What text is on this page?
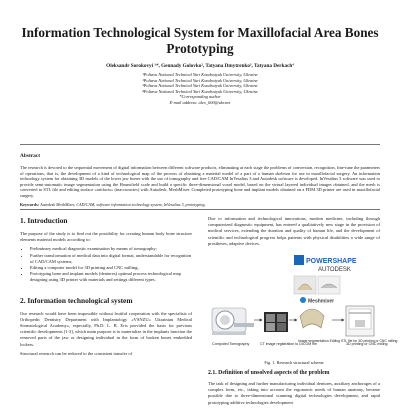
Information Technological System for Maxillofacial Area Bones
Prototyping
Oleksandr Sorokovyi ¹*, Gennady Golovko², Tatyana Dmytrenko³, Tatyana Derkach⁴
¹Poltava National Technical Yuri Kondratyuk University, Ukraine
²Poltava National Technical Yuri Kondratyuk University, Ukraine
³Poltava National Technical Yuri Kondratyuk University, Ukraine
⁴Poltava National Technical Yuri Kondratyuk University, Ukraine
*Corresponding author
E-mail address: alex_600@ukr.net
Abstract

The research is devoted to the sequential movement of digital information between different software products, eliminating at each stage the problems of conversion, recognition, fine-tune the parameters of operations, that is, the development of a kind of technological map of the process of obtaining a material model of a part of a human skeleton for use in maxillofacial surgery. An information technology system for obtaining 3D models of the lower jaw bones with the use of tomography and free CAD/CAM InVesalius 3 and Autodesk software is developed. InVesalius 3 software was used to provide semi-automatic image segmentation using the Hounsfield scale and build a specific three-dimensional voxel model, based on the virtual layered individual images obtained, and the mesh is converted to STL file and editing surface «artifacts» (inaccuracies) with Autodesk, MeshMixer. Completed prototyping bone and implant models obtained on a FDM 3D printer are used in maxillofacial surgery.

Keywords: Autodesk MeshMixer, CAD/CAM, software information technology system, InVesalius 3, prototyping,
1. Introduction

The purpose of the study is to find out the possibility for creating human body bone structure elements material models according to:

• Preliminary medical diagnostic examination by means of tomography;
• Further transformation of medical data into digital format, understandable for recognition of CAD/CAM systems;
• Editing a computer model for 3D printing and CNC milling;
• Prototyping bone and implant models (dentures) optimal process technological map designing using 3D printer with materials and settings different types.
2. Information technological system

Our research would have been impossible without fruitful cooperation with the specialists of Orthopedic Dentistry Department with Implantology «VSNZU» Ukrainian Medical Stomatological Academy», especially, Ph.D. L. B. Eris provided the basis for previous scientific developments [1-3], which main purpose is to materialize in the implants function the removed parts of the jaw or designing individual in the form of broken bones embedded lockers.

Structural research can be reduced to the consistent transfer of

Due to information and technological innovations, modern medicine, including through computerized diagnostic equipment, has entered a qualitatively new stage in the provision of medical services, extending the duration and quality of human life, and the development of scientific and technological progress helps patients with physical disabilities a wide range of prostheses, adaptive devices.

POWERSHAPE
AUTODESK
Meshmixer
Computed Tomography	CT image registration to DICOM file
Image segmentation Editing STL file for 3D printing or CNC milling
3D printing or CNC milling
Fig. 1. Research structural scheme
2.1. Definition of unsolved aspects of the problem

The task of designing and further manufacturing individual dentures, auxiliary anchorages of a complex form, etc., taking into account the ergonomic needs of human anatomy, became possible due to three-dimensional scanning digital technologies development, and rapid prototyping additive technologies development
